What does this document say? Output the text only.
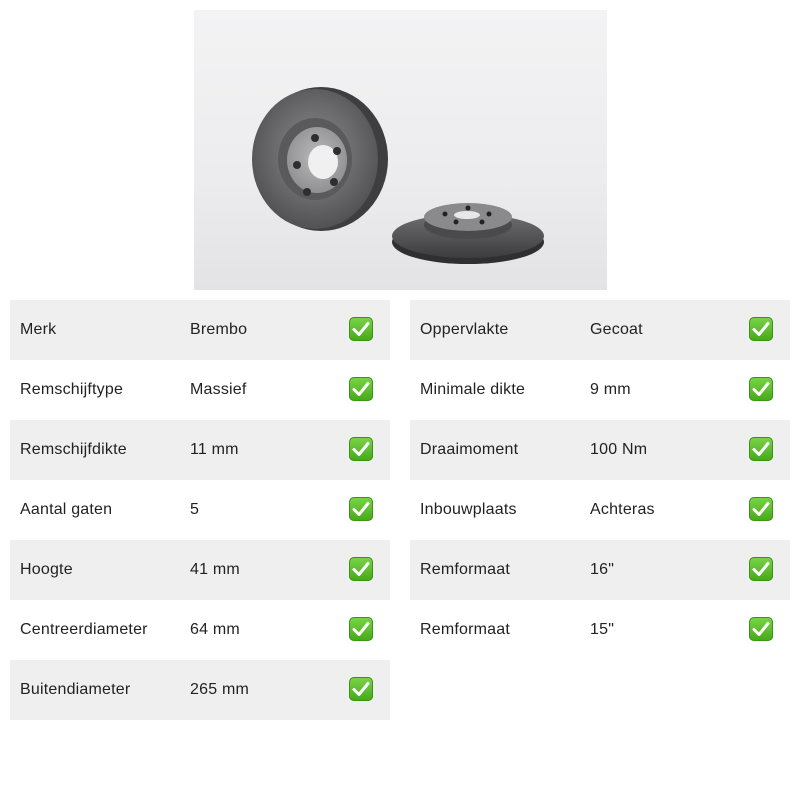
Merk	Brembo
Remschijftype	Massief
Remschijfdikte	11 mm
Aantal gaten	5
Hoogte	41 mm
Centreerdiameter	64 mm
Buitendiameter	265 mm
Oppervlakte	Gecoat
Minimale dikte	9 mm
Draaimoment	100 Nm
Inbouwplaats	Achteras
Remformaat	16"
Remformaat	15"
